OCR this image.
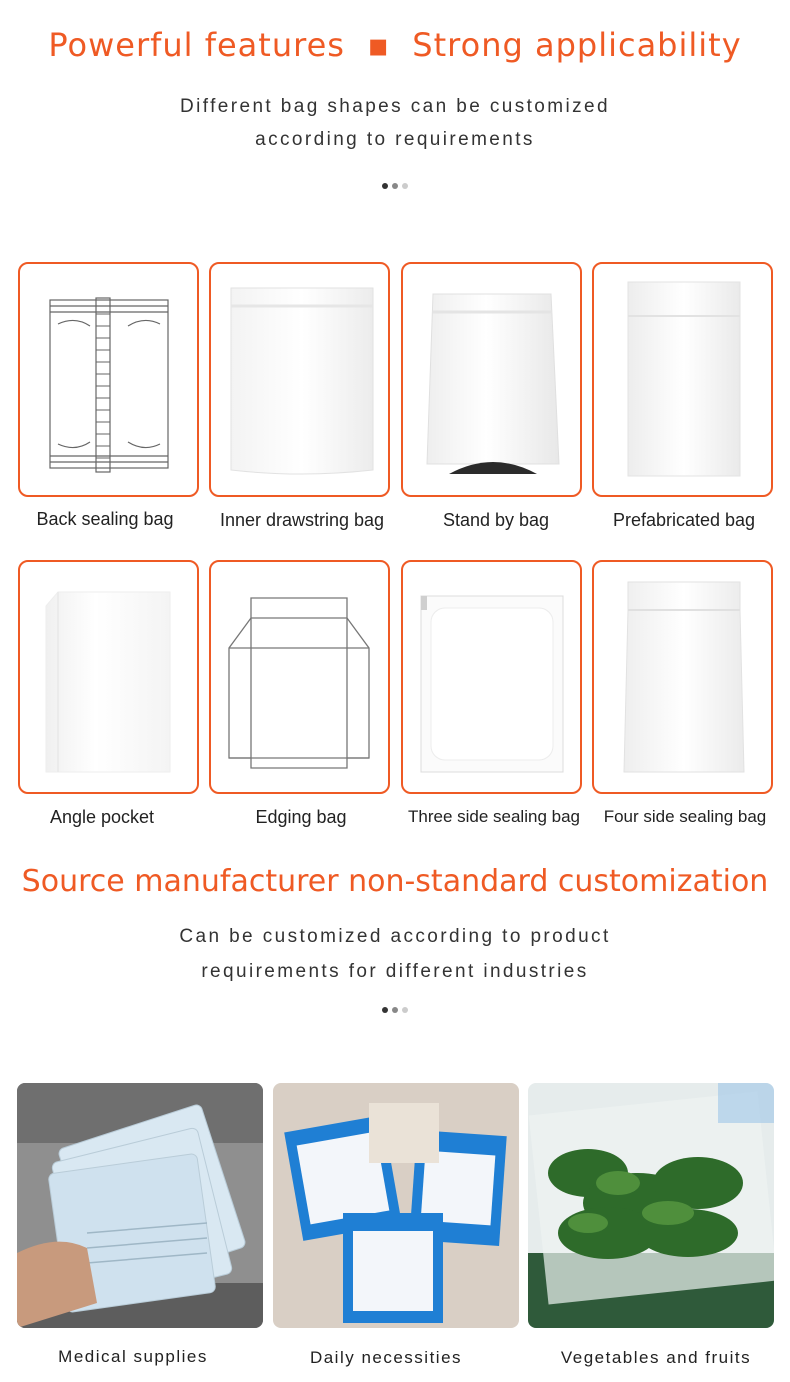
Powerful features  ▪  Strong applicability
Different bag shapes can be customized
according to requirements
Back sealing bag	Inner drawstring bag	Stand by bag	Prefabricated bag
Angle pocket	Edging bag	Three side sealing bag	Four side sealing bag
Source manufacturer non-standard customization
Can be customized according to product
requirements for different industries
Medical supplies	Daily necessities	Vegetables and fruits
